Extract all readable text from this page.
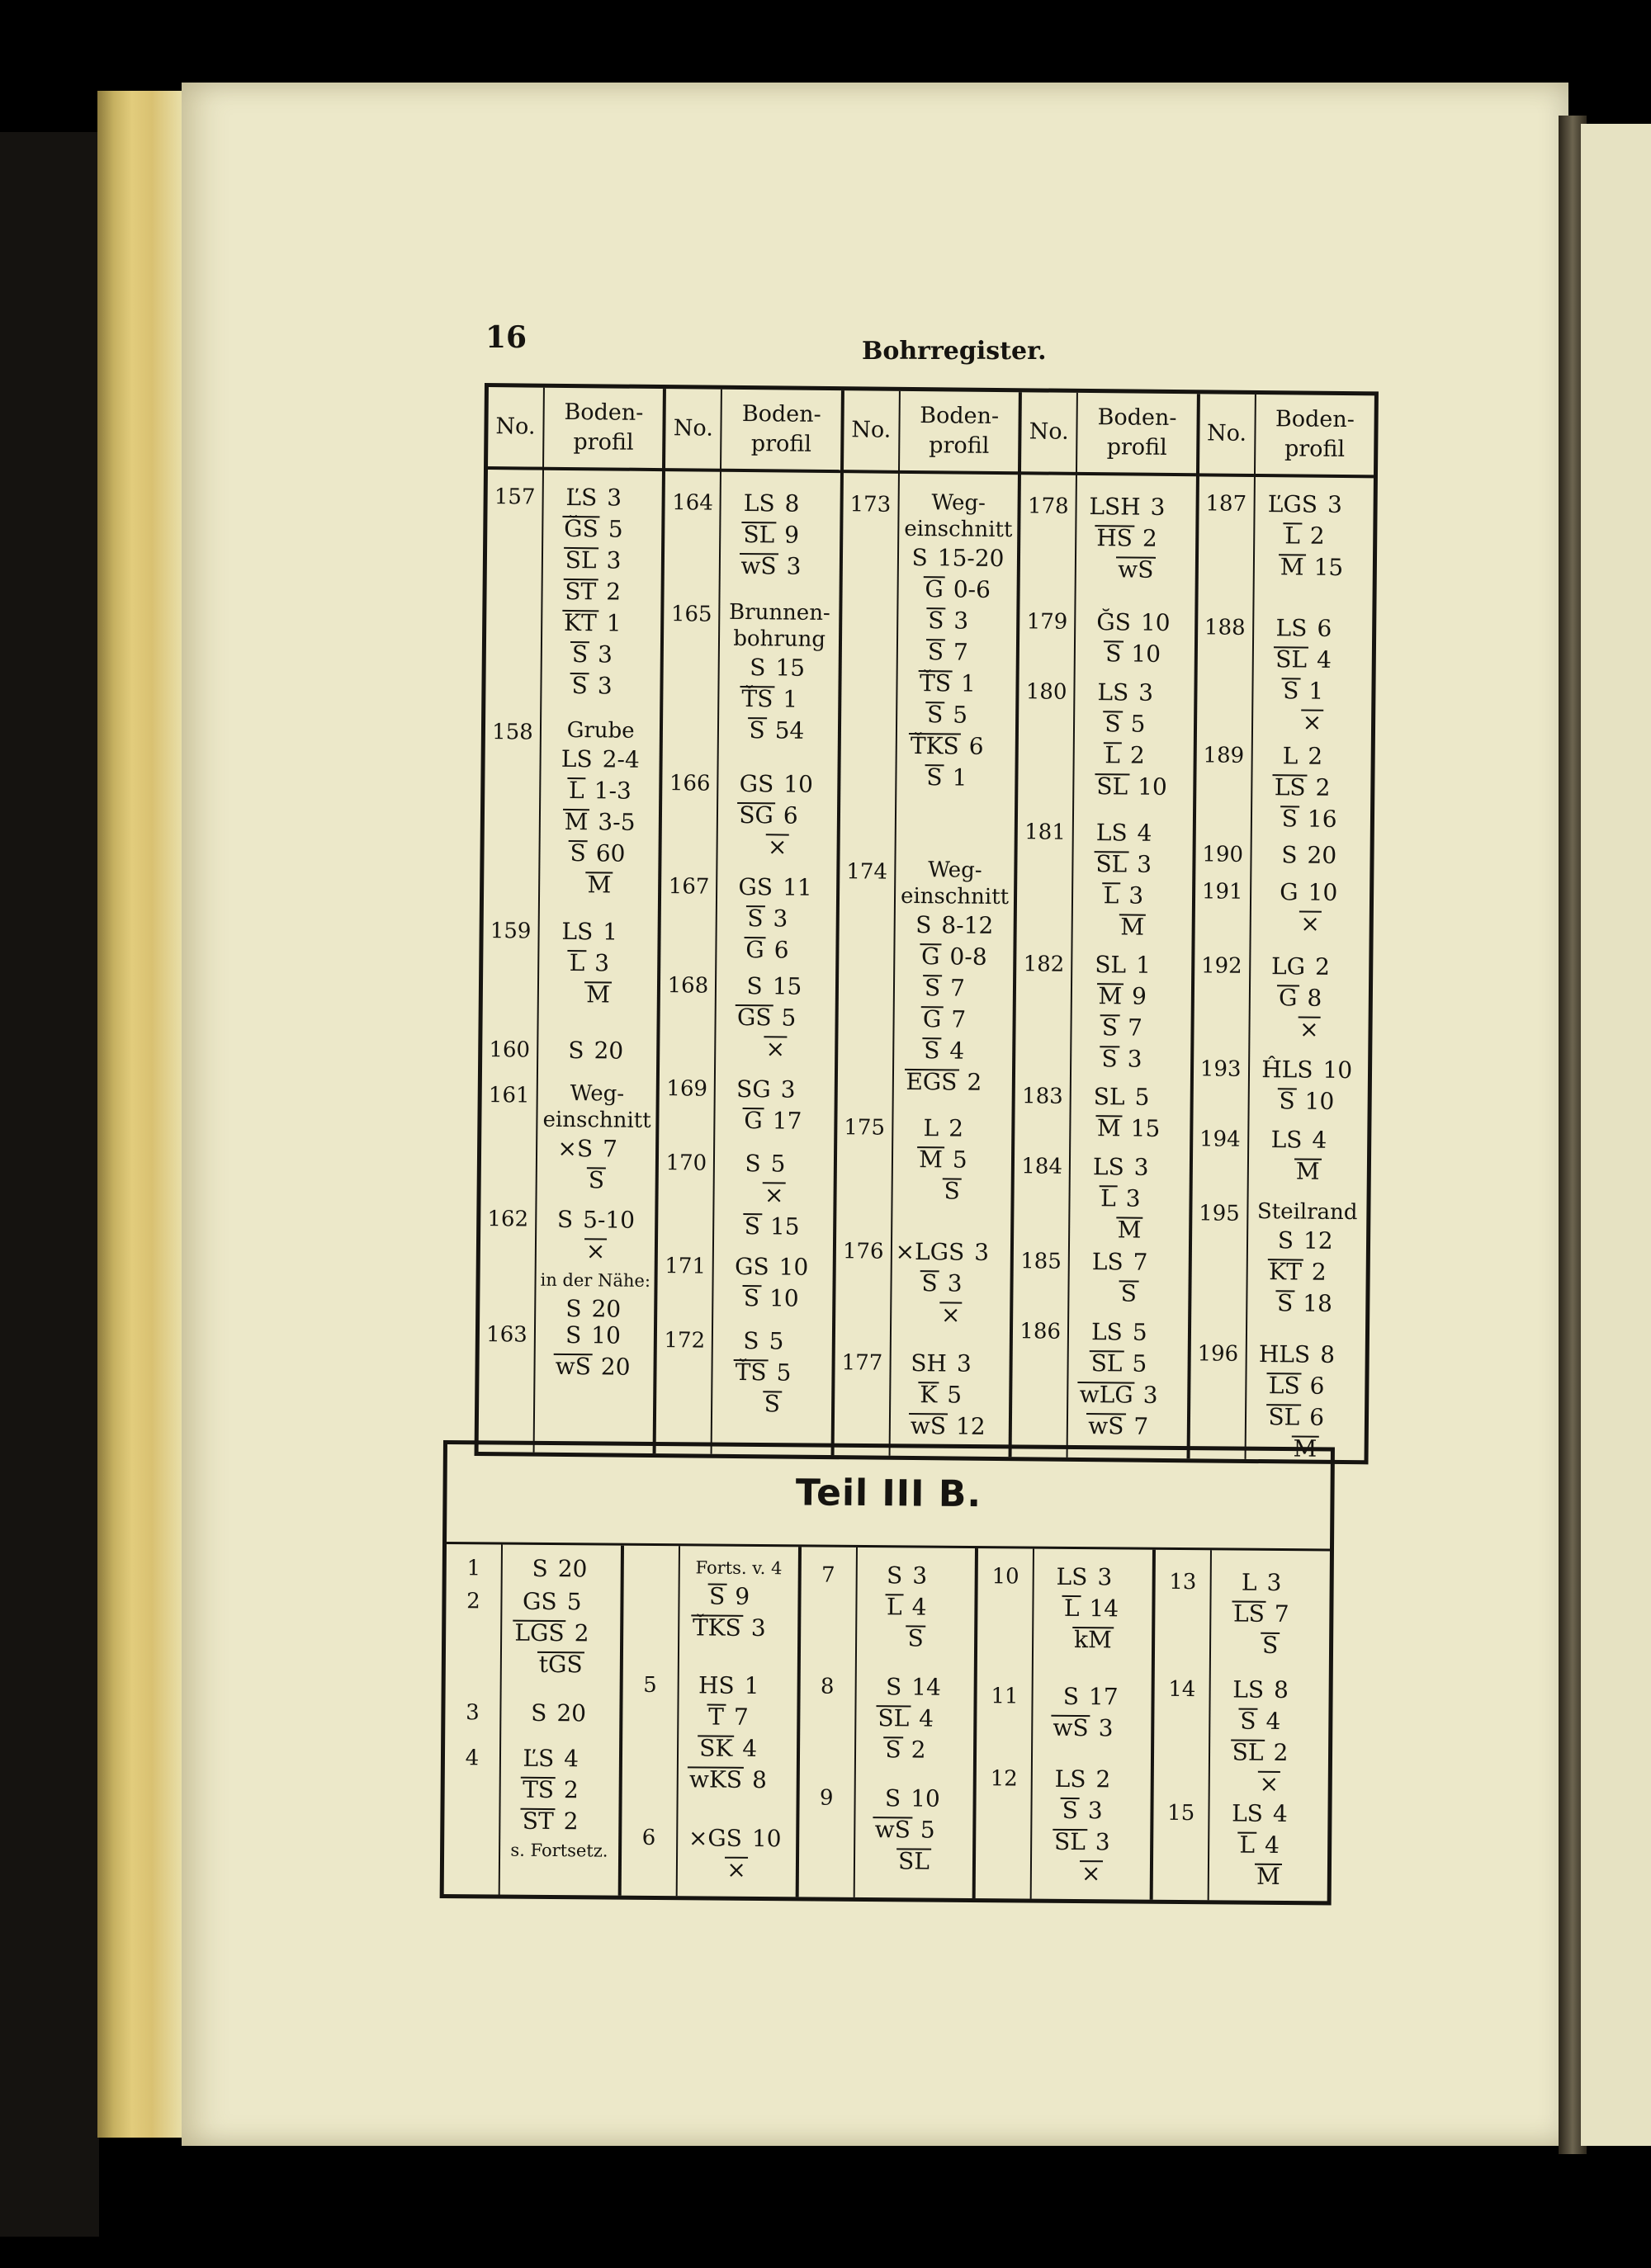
16	Bohrregister.
No.
157
158
159
160
161
162
163
Boden-
profil
ĽS 3
ĞS 5
SL 3
ST 2
KT 1
S 3
S 3
Grube
LS 2-4
L 1-3
M 3-5
S 60
M
LS 1
L 3
M
S 20
Weg-
einschnitt
×S 7
S
S 5-10
×
in der Nähe:
S 20
S 10
wS 20
No.
164
165
166
167
168
169
170
171
172
Boden-
profil
LS 8
SL 9
wS 3
Brunnen-
bohrung
S 15
ŤS 1
S 54
GS 10
SG 6
×
GS 11
S 3
G 6
S 15
GS 5
×
SG 3
G 17
S 5
×
S 15
GS 10
S 10
S 5
ŤS 5
S
No.
173
174
175
176
177
Boden-
profil
Weg-
einschnitt
S 15-20
G 0-6
S 3
S 7
ŤS 1
S 5
ŤKS 6
S 1
Weg-
einschnitt
S 8-12
G 0-8
S 7
G 7
S 4
EGS 2
L 2
M 5
S
×LGS 3
S 3
×
SH 3
K 5
wS 12
No.
178
179
180
181
182
183
184
185
186
Boden-
profil
LSH 3
HS 2
wS
ĞS 10
S 10
LS 3
S 5
L 2
SL 10
LS 4
SL 3
L 3
M
SL 1
M 9
S 7
S 3
SL 5
M 15
LS 3
L 3
M
LS 7
S
LS 5
SL 5
wLG 3
wS 7
No.
187
188
189
190
191
192
193
194
195
196
Boden-
profil
ĽGS 3
L 2
M 15
LS 6
SL 4
S 1
×
L 2
LS 2
S 16
S 20
G 10
×
LG 2
G 8
×
ĤLS 10
S 10
LS 4
M
Steilrand
S 12
KT 2
S 18
HLS 8
LS 6
SL 6
M
Teil III B.
1
2
3
4
S 20
GS 5
LGS 2
tGS
S 20
ĽS 4
TS 2
ST 2
s. Fortsetz.
5
6
Forts. v. 4
S 9
ŤKS 3
HS 1
T 7
SK 4
wKS 8
×GS 10
×
7
8
9
S 3
L 4
S
S 14
SL 4
S 2
S 10
wS 5
SL
10
11
12
LS 3
L 14
kM
S 17
wS 3
LS 2
S 3
SL 3
×
13
14
15
L 3
LS 7
S
LS 8
S 4
SL 2
×
LS 4
L 4
M
